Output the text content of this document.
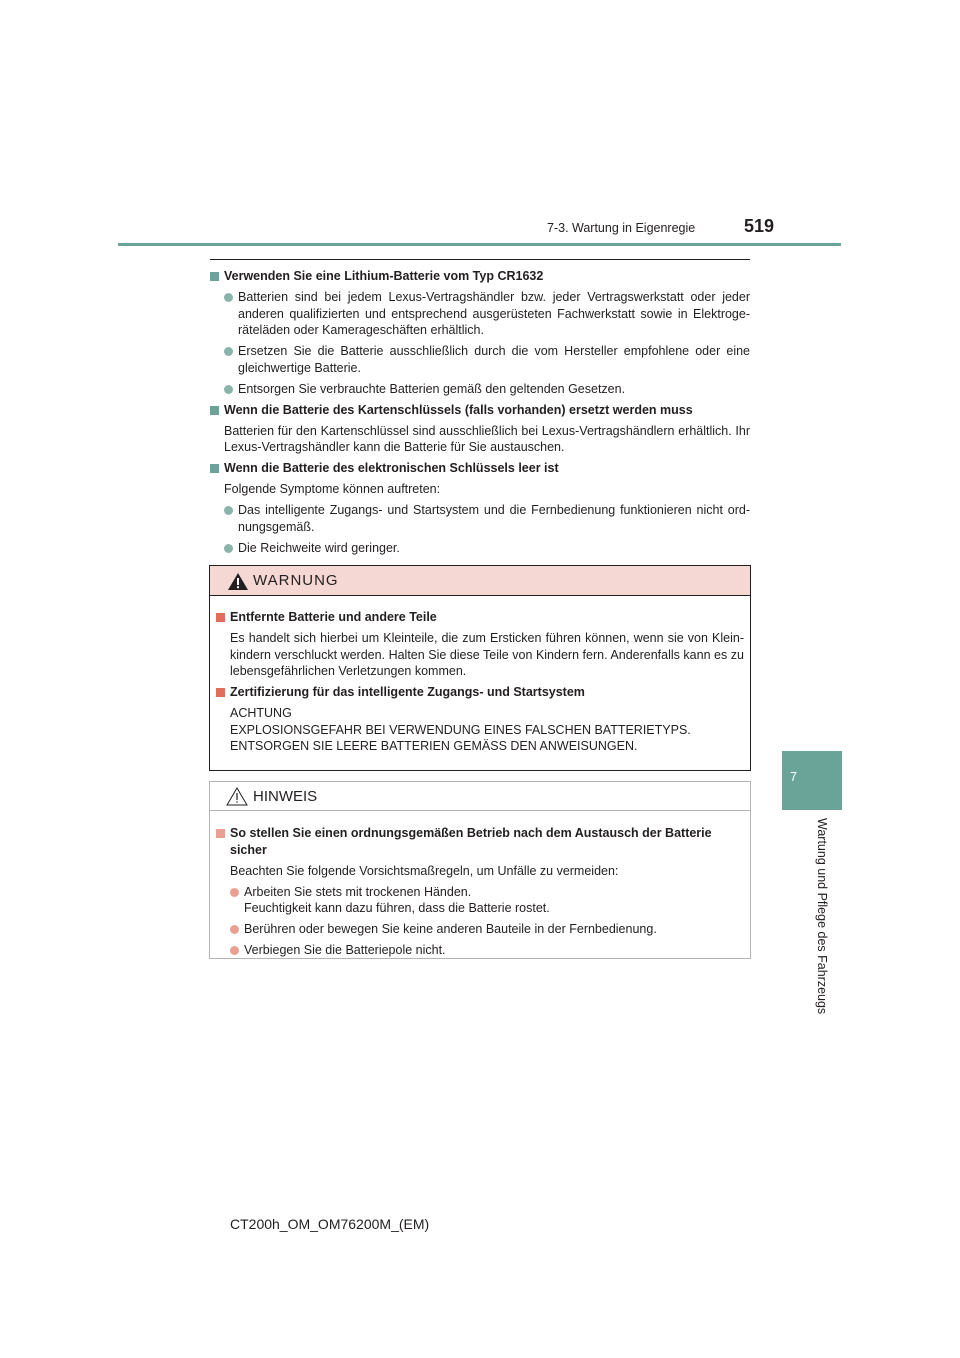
7-3. Wartung in Eigenregie	519
7
Wartung und Pflege des Fahrzeugs
Verwenden Sie eine Lithium-Batterie vom Typ CR1632
Batterien sind bei jedem Lexus-Vertragshändler bzw. jeder Vertragswerkstatt oder jeder anderen qualifizierten und entsprechend ausgerüsteten Fachwerkstatt sowie in Elektroge-räteläden oder Kamerageschäften erhältlich.
Ersetzen Sie die Batterie ausschließlich durch die vom Hersteller empfohlene oder eine gleichwertige Batterie.
Entsorgen Sie verbrauchte Batterien gemäß den geltenden Gesetzen.
Wenn die Batterie des Kartenschlüssels (falls vorhanden) ersetzt werden muss
Batterien für den Kartenschlüssel sind ausschließlich bei Lexus-Vertragshändlern erhältlich. Ihr Lexus-Vertragshändler kann die Batterie für Sie austauschen.
Wenn die Batterie des elektronischen Schlüssels leer ist
Folgende Symptome können auftreten:
Das intelligente Zugangs- und Startsystem und die Fernbedienung funktionieren nicht ord-nungsgemäß.
Die Reichweite wird geringer.
WARNUNG
Entfernte Batterie und andere Teile
Es handelt sich hierbei um Kleinteile, die zum Ersticken führen können, wenn sie von Klein-kindern verschluckt werden. Halten Sie diese Teile von Kindern fern. Anderenfalls kann es zu lebensgefährlichen Verletzungen kommen.
Zertifizierung für das intelligente Zugangs- und Startsystem
ACHTUNG
EXPLOSIONSGEFAHR BEI VERWENDUNG EINES FALSCHEN BATTERIETYPS.
ENTSORGEN SIE LEERE BATTERIEN GEMÄSS DEN ANWEISUNGEN.
HINWEIS
So stellen Sie einen ordnungsgemäßen Betrieb nach dem Austausch der Batterie sicher
Beachten Sie folgende Vorsichtsmaßregeln, um Unfälle zu vermeiden:
Arbeiten Sie stets mit trockenen Händen.
Feuchtigkeit kann dazu führen, dass die Batterie rostet.
Berühren oder bewegen Sie keine anderen Bauteile in der Fernbedienung.
Verbiegen Sie die Batteriepole nicht.
CT200h_OM_OM76200M_(EM)
